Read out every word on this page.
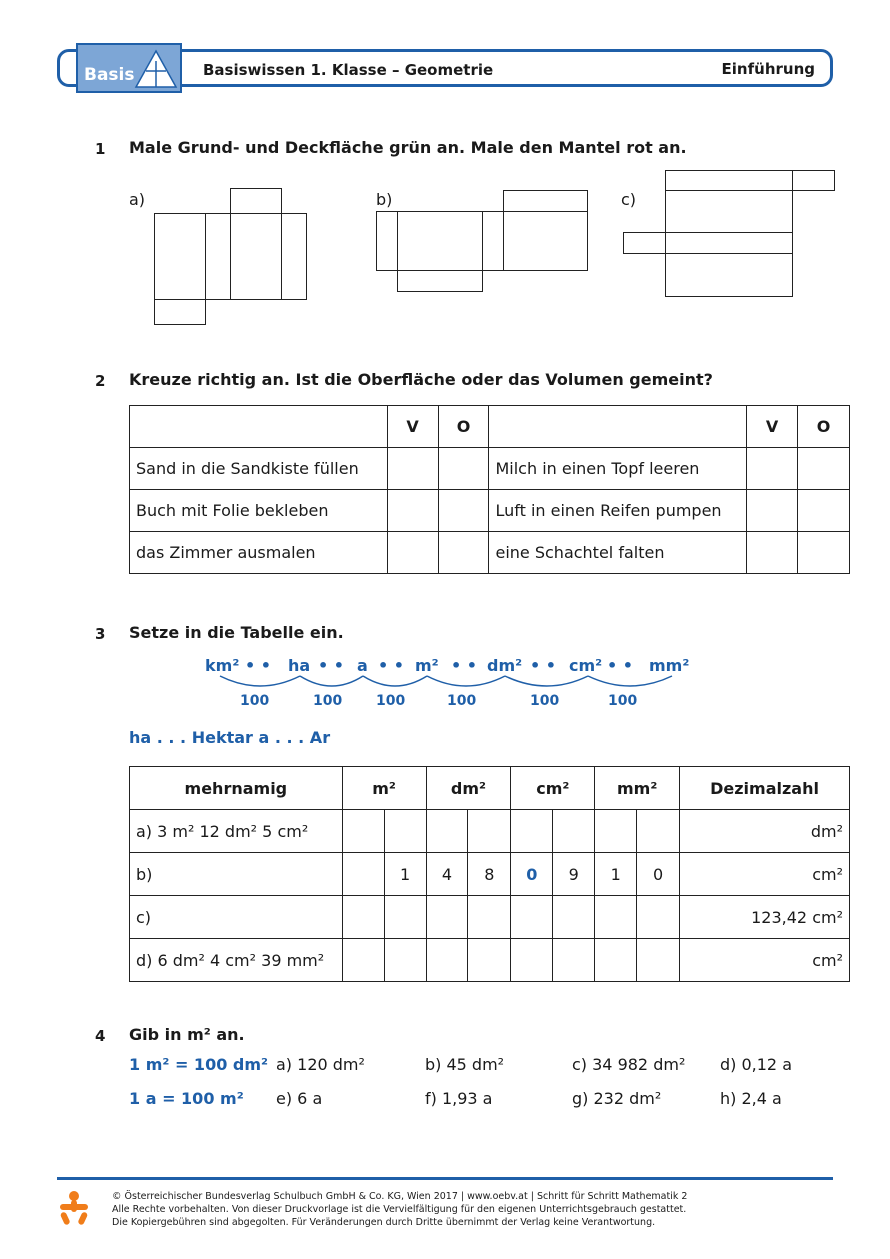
Basis	Basiswissen 1. Klasse – Geometrie	Einführung
1 Male Grund- und Deckfläche grün an. Male den Mantel rot an.
a)	b)	c)
2 Kreuze richtig an. Ist die Oberfläche oder das Volumen gemeint?
	V	O		V	O
Sand in die Sandkiste füllen			Milch in einen Topf leeren		
Buch mit Folie bekleben			Luft in einen Reifen pumpen		
das Zimmer ausmalen			eine Schachtel falten		
3 Setze in die Tabelle ein.
km² • • ha • • a • • m² • • dm² • • cm² • • mm²
100	100 100	100	100	100
ha . . . Hektar a . . . Ar
mehrnamig	m²		dm²		cm²		mm²		Dezimalzahl
a) 3 m² 12 dm² 5 cm²									dm²
b)		1	4	8	0	9	1	0	cm²
c)									123,42 cm²
d) 6 dm² 4 cm² 39 mm²									cm²
4 Gib in m² an.
1 m² = 100 dm²
1 a = 100 m²
a) 120 dm²	b) 45 dm²	c) 34 982 dm² d) 0,12 a
e) 6 a	f) 1,93 a	g) 232 dm²	h) 2,4 a
© Österreichischer Bundesverlag Schulbuch GmbH & Co. KG, Wien 2017 | www.oebv.at | Schritt für Schritt Mathematik 2
Alle Rechte vorbehalten. Von dieser Druckvorlage ist die Vervielfältigung für den eigenen Unterrichtsgebrauch gestattet.
Die Kopiergebühren sind abgegolten. Für Veränderungen durch Dritte übernimmt der Verlag keine Verantwortung.
